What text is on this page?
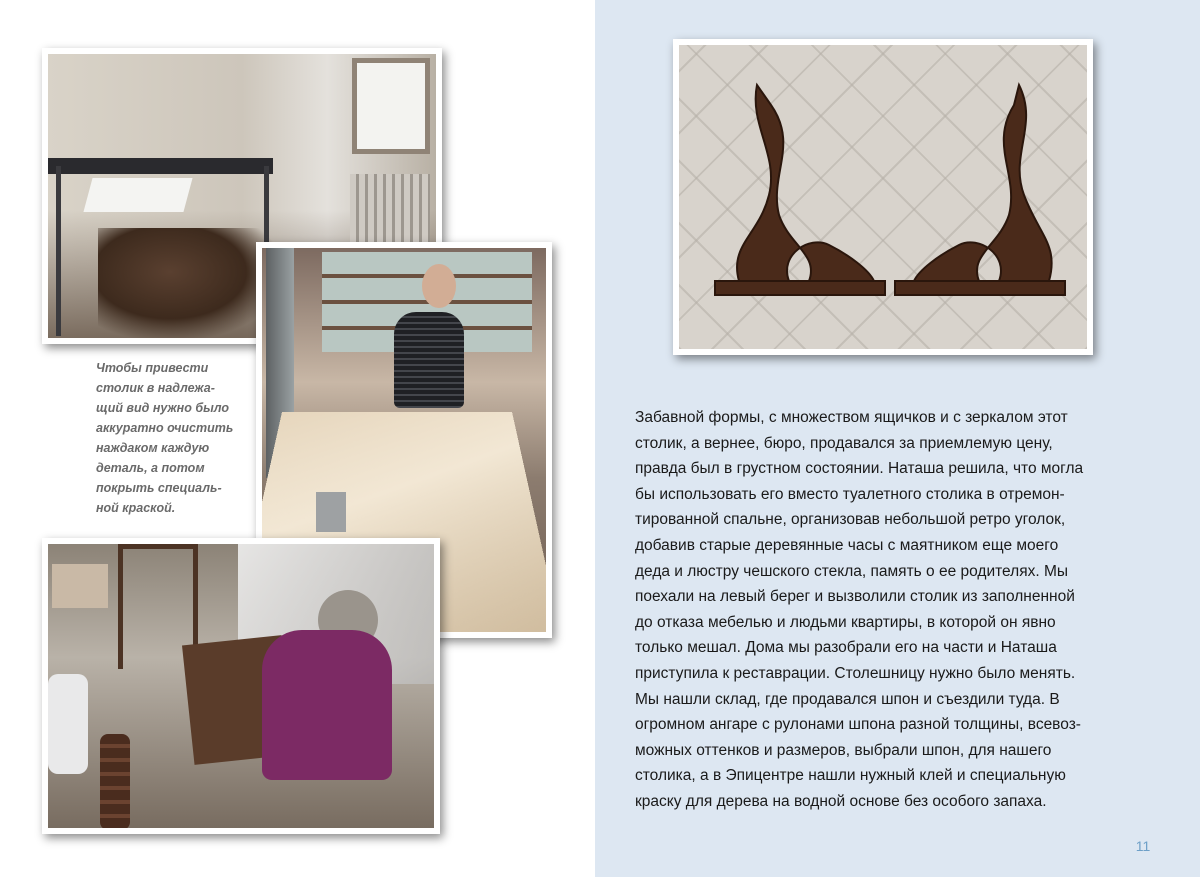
Чтобы привести
столик в надлежа-
щий вид нужно было
аккуратно очистить
наждаком каждую
деталь, а потом
покрыть специаль-
ной краской.
Забавной формы, с множеством ящичков и с зеркалом этот
столик, а вернее, бюро, продавался за приемлемую цену,
правда был в грустном состоянии. Наташа решила, что могла
бы использовать его вместо туалетного столика в отремон-
тированной спальне, организовав небольшой ретро уголок,
добавив старые деревянные часы с маятником еще моего
деда и люстру чешского стекла, память о ее родителях. Мы
поехали на левый берег и вызволили столик из заполненной
до отказа мебелью и людьми квартиры, в которой он явно
только мешал. Дома мы разобрали его на части и Наташа
приступила к реставрации. Столешницу нужно было менять.
Мы нашли склад, где продавался шпон и съездили туда. В
огромном ангаре с рулонами шпона разной толщины, всевоз-
можных оттенков и размеров, выбрали шпон, для нашего
столика, а в Эпицентре нашли нужный клей и специальную
краску для дерева на водной основе без особого запаха.
11
